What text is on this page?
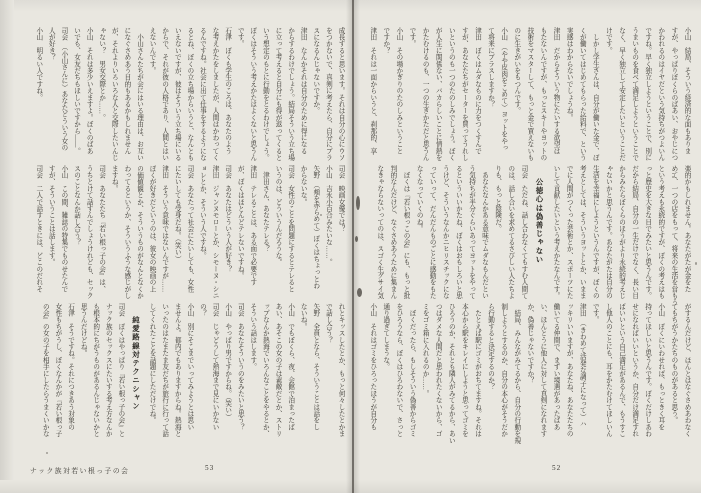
成長すると思います。それは自分の心にウソ
をつかないで、真剣に考えたら、自分にプラ
スになるんじゃないですか。
津田　なんかそれは自分のために得になる
からするわけでしょう。結局そういう立ち場
に立って考えると自分にも得が返ってくると
いう想定のもとに行動をとるわけでしょう。
ぼくはそういう考えかたはよくないと思うん
です。
石津　ぼくも学生のころは、あなたのよう
な考えかたをしましたが、人間はかわってく
るんですね。社会に出て仕事をするようにな
るとね、ぼくの立ち場からいうと、なんとも
いえないですが、彼はそういう立ち場にいる
からで、それが彼の人格であり、人間とはい
えないんです。
　小山さんたちが会にはいる理由は、お互い
になぐさめあう目的もあるかもしれません
が、それよりいろいろな人と交際したいんじ
ゃない？　男女交際とか……。
小山　それは多少いえますよ。ぼくのばあ
いでも、女友だちもほしいですから――。
司会　（小山さんに）あなたどういう女の
人が好き？
小山　明るい人ですね。
司会　映画女優では？
小山　吉永小百合みたいな……。
矢野　（頬を赤らめて）ぼくはちょっとわ
からないな。
司会　女性のことを問題にするとテレると
いうのは、どういうんだろうな。
　津田さん、あなたテレる？
津田　テレることは、ある面で必要です
が、ぼくはほとんどテレないですね。
司会　あなたはどういう人が好き？
津田　ジャンヌモローとか、シモーヌ・シニ
ョレとか、そういう人ですね。
司会　あなたって社会にたいしても、女性
にたいしても受身だね。（笑い）
津田　そういう意味ではないんですが……
ぼくが好きだというのは、彼女の映画の上
の価値観とか、そういうものがなんとなくか
わってるというか、そういうふうな感じがし
ますね。
司会　あなたたち『若い根っ子の会』は、
うちとけて話すんでしょうけれども、セック
スのことなんか話し合う？
小山　この間、雑誌の特集でものせたんで
すが、そういうことは話します。
司会　二人で話すときには、どこのだれそ
れとキッスしたとか、もっと何々したとかま
で話し合う？
矢野　全員となら、そういうことは話をし
ないね。
小山　でもぼくら、夜、会館で泊まったば
あい、あそこの女の子は素敵だとか、ストリ
ップなんか熱海でいろんなことをやるとか、
そういう話はします。
司会　あなたそういうのをみたいと思う？
小山　やっぱり男ですからね。（笑い）
司会　じゃどうして熱海まで見にいかない
の？
小山　別にそこまでいってみようとは思い
ませんよ。都内でもありますからね。熱海と
いったのはたまたま友だちが旅行に行って話
してくれたことを話題にしただけでね。
純愛路線対テクニシャン
司会　ぼくはやっぱり『若い根っ子の会』と
ナック族のセックスにたいする考え方なんか
も根本的にちがうものがあるんじゃないかと
思うんだけどね。
石津　そうですね。それにつきあう対象の
女性もちがうし、ぼくなんかが『若い根っ子
の会』の女の子を相手にしたらうまくいかな
小山　結局、そういう経済的な面もありま
すが、やっぱりぼくらのばあい、おやじにつ
かわれるのはイヤだという気持ちがつよいん
ですね。早く独立しようということで、別に
うまいものを食べて満足しようということで
なく、早く独立して安定したいということだ
けです。
　しかし学生さんは、自分が働いた金で、ぼ
くが働いてはじめてもらった給料で、という
実感はわからないでしょうね。
津田　だからそういう物にたいする欲望は
もたないんですが、もっとスキーやヨットの
技術をマスターして、もっと金で買えないも
のに生きがいをもつんです。
小山　（やや皮肉をこめて）ヨットをやっ
て将来にプラスしますか？
津田　ぼくはムダなものに力をつくすんで
すが、あなたたちがセーターを買ってうれし
いというのも一つのたのしみでしょう。ぼく
が人生に関係ない、バカらしいことに情熱を
かたむけるのも、一つの生きかただと思うん
です。
小山　その場かぎりのたのしみということ
ですか？
津田　それは一面からいうと、刹那的、享
楽的かもしれません。あなたがたが金をた
めて、一つの店をもって、将来の生活を営もう
という考えも永続的ですが、ぼくの考えはも
っと歴史を大きな目でみたいと思うんです。
だから結局、自分の一生だけでなく、長い目
からみたらぼくらのほうがより永続的考えじ
ゃないかと思うんです。あなたがたは自分の
生活を幸福にしようというんですが、ぼくの
考えとしては、そういうヨットとか、いまま
でに人間がつくった芸術とか、スポーツにた
いして貢献したいという考えかたなんです。
公徳心は偽善じゃない
司会　ただね、話し合わなくてもすむ人間て
のは、話し合いを求めてるさびしい人たちよ
りも、もっと陰険だ。
　あなたなんかある意味でムダなもんだとい
う気持ちが半分ぐらいあってヨットをやって
るといういいかたね、ぼくはおもしろいと思
うけど、そういうなんかニヒリスチックにな
っていって、だんだんものごとに感動をもた
なくなっていくのね。
　ぼくは『若い根っこの会』にも、もっと批
判的なんだけど、なぐさめあうために集まん
なきゃならないってのは、スゴく生グサイ気
がするんだけど、ほんとはなぐさめあわなく
てもちがうかたちのものがあると思う。
小山　ぼくにいわせれば、もっときく耳を
持ってほしいと思うんです。ぼくだけしあわ
せになればいいというか、自分だけ満足すれ
ばいいという自己満足があるんで、もうすこ
し他人のことにも、耳をかたむけてほしいん
です。
津田　（きわめて活発な調子になって）ハ
ッキリいいますが、あなたね、あなたたちの
働いてる仲間で、まずい境遇があったばあ
い、ほんとうに他人に対して真剣になれます
か、偽善じゃないですか？
　結局、みんながみてるから、自分の行動を規
制しようとするのか、自分の本心がそうだか
ら行動すると決定するのか？
　たとえば駅にゴミがおちてますね。それは
本心から駅をキレイにしようと思ってゴミを
ひろうのか、それとも隣人がみてるから、あい
つはダメな人間だと思われたくないから、ゴ
ミをゴミ箱に入れるのか……。
　ぼくだったら、もしそういう偽善からゴミ
をひろうなら、ぼくはひろわないで、さっと
通り過ぎてしまうな。
小山　それはゴミをひろったほうが自分も
ナック族対若い根っ子の会	53	52
